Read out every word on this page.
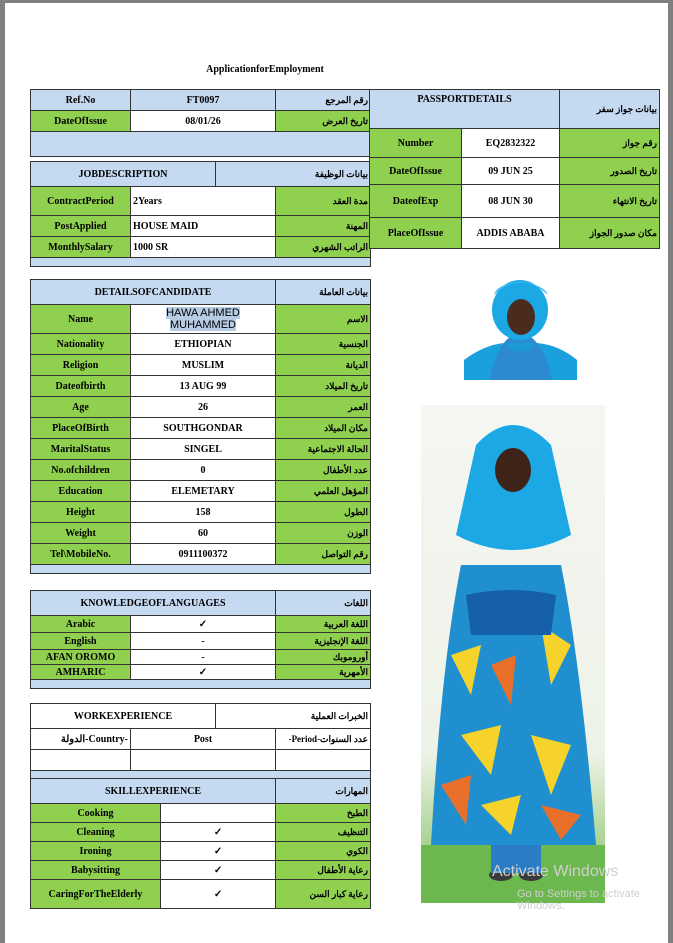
ApplicationforEmployment
Ref.No	FT0097	رقم المرجع
DateOfIssue	08/01/26	تاريخ العرض

JOBDESCRIPTION		بيانات الوظيفة	
ContractPeriod	2Years		مدة العقد
PostApplied	HOUSE MAID		المهنة
MonthlySalary	1000 SR		الراتب الشهري

DETAILSOFCANDIDATE		بيانات العاملة
Name	HAWA AHMED
MUHAMMED	الاسم
Nationality	ETHIOPIAN	الجنسية
Religion	MUSLIM	الديانة
Dateofbirth	13 AUG 99	تاريخ الميلاد
Age	26	العمر
PlaceOfBirth	SOUTHGONDAR	مكان الميلاد
MaritalStatus	SINGEL	الحالة الاجتماعية
No.ofchildren	0	عدد الأطفال
Education	ELEMETARY	المؤهل العلمي
Height	158	الطول
Weight	60	الوزن
Tel\MobileNo.	0911100372	رقم التواصل

KNOWLEDGEOFLANGUAGES		اللغات
Arabic	✓	اللغة العربية
English	-	اللغة الإنجليزية
AFAN OROMO	-	أوروموبك
AMHARIC	✓	الأمهرية

WORKEXPERIENCE		الخبرات العملية	
-Country-الدولة	Post		عدد السنوات-Period-

SKILLEXPERIENCE		المهارات
Cooking		الطبخ
Cleaning	✓	التنظيف
Ironing	✓	الكوي
Babysitting	✓	رعاية الأطفال
CaringForTheElderly	✓	رعاية كبار السن
PASSPORTDETAILS		بيانات جواز سفر
Number	EQ2832322	رقم جواز
DateOfIssue	09 JUN 25	تاريخ الصدور
DateofExp	08 JUN 30	تاريخ الانتهاء
PlaceOfIssue	ADDIS ABABA	مكان صدور الجواز
Activate Windows
Go to Settings to activate Windows.
